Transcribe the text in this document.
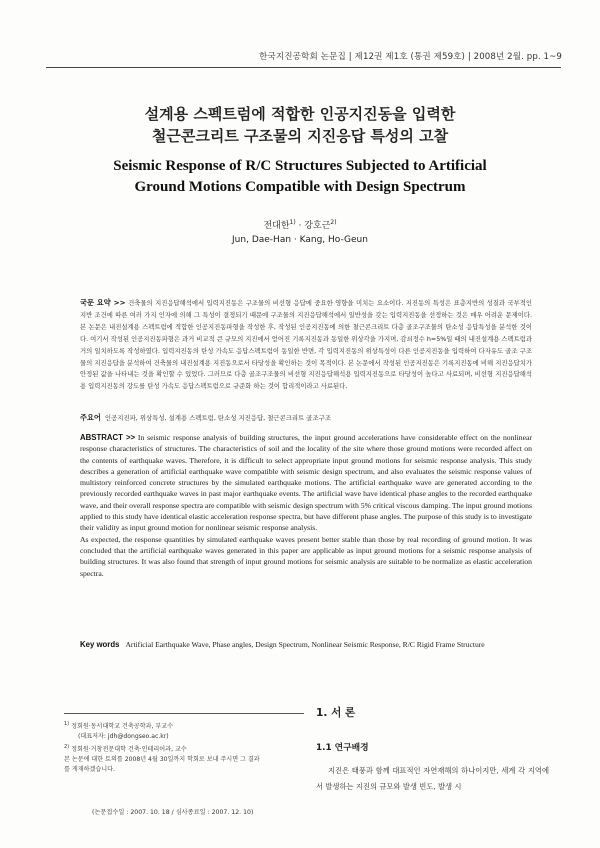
한국지진공학회 논문집 | 제12권 제1호 (통권 제59호) | 2008년 2월. pp. 1~9
설계용 스펙트럼에 적합한 인공지진동을 입력한
철근콘크리트 구조물의 지진응답 특성의 고찰
Seismic Response of R/C Structures Subjected to Artificial
Ground Motions Compatible with Design Spectrum
전대한$^{1)}$ · 강호근$^{2)}$
Jun, Dae-Han · Kang, Ho-Geun
국문 요약 >> 건축물의 지진응답해석에서 입력지진동은 구조물의 비선형 응답에 중요한 영향을 미치는 요소이다. 지진동의 특성은 표층지반의 성질과 국부적인 지반 조건에 따른 여러 가지 인자에 의해 그 특성이 결정되기 때문에 구조물의 지진응답해석에서 일반성을 갖는 입력지진동을 선정하는 것은 매우 어려운 문제이다. 본 논문은 내진설계용 스펙트럼에 적합한 인공지진동파형을 작성한 후, 작성된 인공지진동에 의한 철근콘크리트 다층 골조구조물의 탄소성 응답특성을 분석한 것이다. 여기서 작성된 인공지진동파형은 과거 비교적 큰 규모의 지진에서 얻어진 기록지진동과 동일한 위상각을 가지며, 감쇠정수 h=5%일 때의 내진설계용 스펙트럼과 거의 일치하도록 작성하였다. 입력지진동의 탄성 가속도 응답스펙트럼이 동일한 반면, 각 입력지진동의 위상특성이 다른 인공지진동을 입력하여 다자유도 골조 구조물의 지진응답을 분석하여 건축물의 내진설계용 지진동으로서 타당성을 확인하는 것이 목적이다. 본 논문에서 작성된 인공지진동은 기록지진동에 비해 지진응답치가 안정된 값을 나타내는 것을 확인할 수 있었다. 그러므로 다층 골조구조물의 비선형 지진응답해석용 입력지진동으로 타당성이 높다고 사료되며, 비선형 지진응답해석용 입력지진동의 강도를 탄성 가속도 응답스펙트럼으로 규준화 하는 것이 합리적이라고 사료된다.
주요어 인공지진파, 위상특성, 설계용 스펙트럼, 탄소성 지진응답, 철근콘크리트 골조구조

ABSTRACT >> In seismic response analysis of building structures, the input ground accelerations have considerable effect on the nonlinear response characteristics of structures. The characteristics of soil and the locality of the site where those ground motions were recorded affect on the contents of earthquake waves. Therefore, it is difficult to select appropriate input ground motions for seismic response analysis. This study describes a generation of artificial earthquake wave compatible with seismic design spectrum, and also evaluates the seismic response values of multistory reinforced concrete structures by the simulated earthquake motions. The artificial earthquake wave are generated according to the previously recorded earthquake waves in past major earthquake events. The artificial wave have identical phase angles to the recorded earthquake wave, and their overall response spectra are compatible with seismic design spectrum with 5% critical viscous damping. The input ground motions applied to this study have identical elastic acceleration response spectra, but have different phase angles. The purpose of this study is to investigate their validity as input ground motion for nonlinear seismic response analysis.

As expected, the response quantities by simulated earthquake waves present better stable than those by real recording of ground motion. It was concluded that the artificial earthquake waves generated in this paper are applicable as input ground motions for a seismic response analysis of building structures. It was also found that strength of input ground motions for seismic analysis are suitable to be normalize as elastic acceleration spectra.

Key words Artificial Earthquake Wave, Phase angles, Design Spectrum, Nonlinear Seismic Response, R/C Rigid Frame Structure
$^{1)}$ 정회원·동서대학교 건축공학과, 부교수
(대표저자: jdh@dongseo.ac.kr)
$^{2)}$ 정회원·거창전문대학 건축·인테리어과, 교수
본 논문에 대한 토의를 2008년 4월 30일까지 학회로 보내 주시면 그 결과
를 게재하겠습니다.
(논문접수일 : 2007. 10. 18 / 심사종료일 : 2007. 12. 10)
1. 서 론
1.1 연구배경
지진은 태풍과 함께 대표적인 자연재해의 하나이지만, 세계 각 지역에서 발생하는 지진의 규모와 발생 빈도, 발생 시
